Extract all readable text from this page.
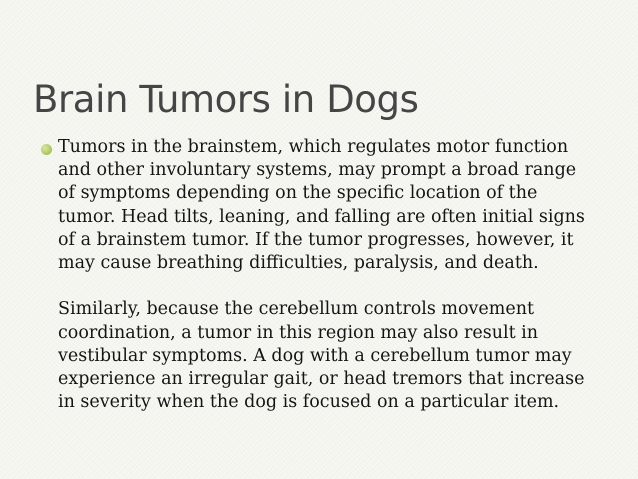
Brain Tumors in Dogs
Tumors in the brainstem, which regulates motor function
and other involuntary systems, may prompt a broad range
of symptoms depending on the specific location of the
tumor. Head tilts, leaning, and falling are often initial signs
of a brainstem tumor. If the tumor progresses, however, it
may cause breathing difficulties, paralysis, and death.
Similarly, because the cerebellum controls movement
coordination, a tumor in this region may also result in
vestibular symptoms. A dog with a cerebellum tumor may
experience an irregular gait, or head tremors that increase
in severity when the dog is focused on a particular item.
